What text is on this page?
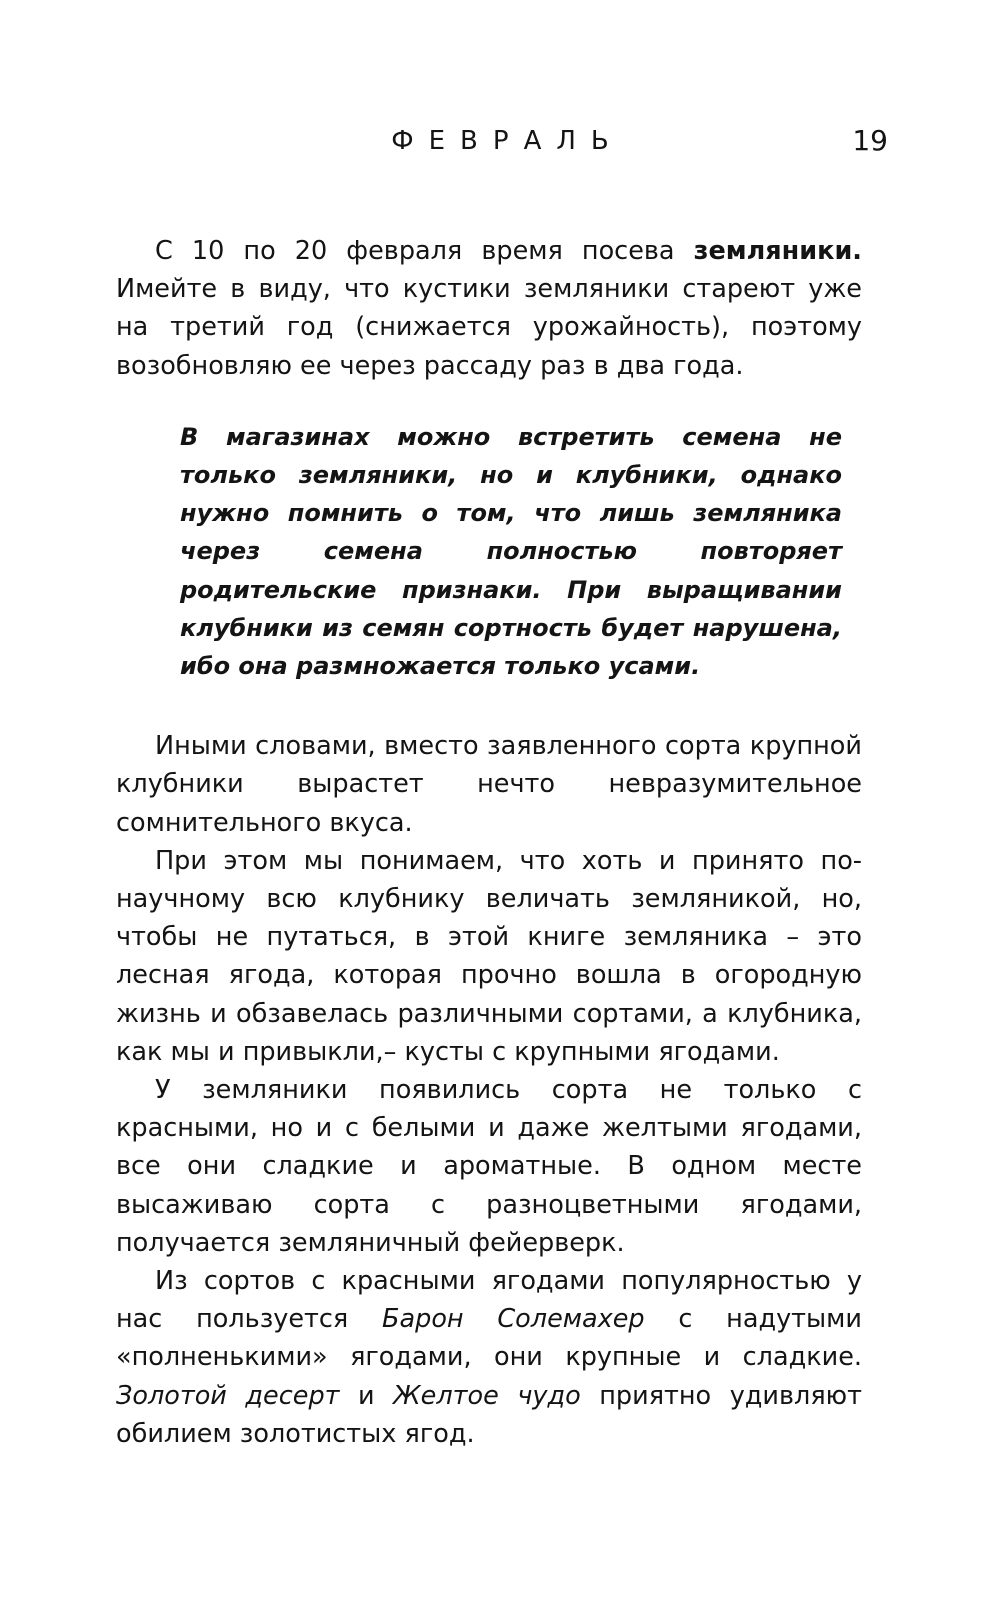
ФЕВРАЛЬ	19

С 10 по 20 февраля время посева земляники. Имейте в виду, что кустики земляники стареют уже на третий год (снижается урожайность), поэтому возобновляю ее через рассаду раз в два года.

В магазинах можно встретить семена не только земляники, но и клубники, однако нужно помнить о том, что лишь земляника через семена полностью повторяет родительские признаки. При выращивании клубники из семян сортность будет нарушена, ибо она размножается только усами.

Иными словами, вместо заявленного сорта крупной клубники вырастет нечто невразумительное сомнительного вкуса.

При этом мы понимаем, что хоть и принято по-научному всю клубнику величать земляникой, но, чтобы не путаться, в этой книге земляника – это лесная ягода, которая прочно вошла в огородную жизнь и обзавелась различными сортами, а клубника, как мы и привыкли,– кусты с крупными ягодами.

У земляники появились сорта не только с красными, но и с белыми и даже желтыми ягодами, все они сладкие и ароматные. В одном месте высаживаю сорта с разноцветными ягодами, получается земляничный фейерверк.

Из сортов с красными ягодами популярностью у нас пользуется Барон Солемахер с надутыми «полненькими» ягодами, они крупные и сладкие. Золотой десерт и Желтое чудо приятно удивляют обилием золотистых ягод.
